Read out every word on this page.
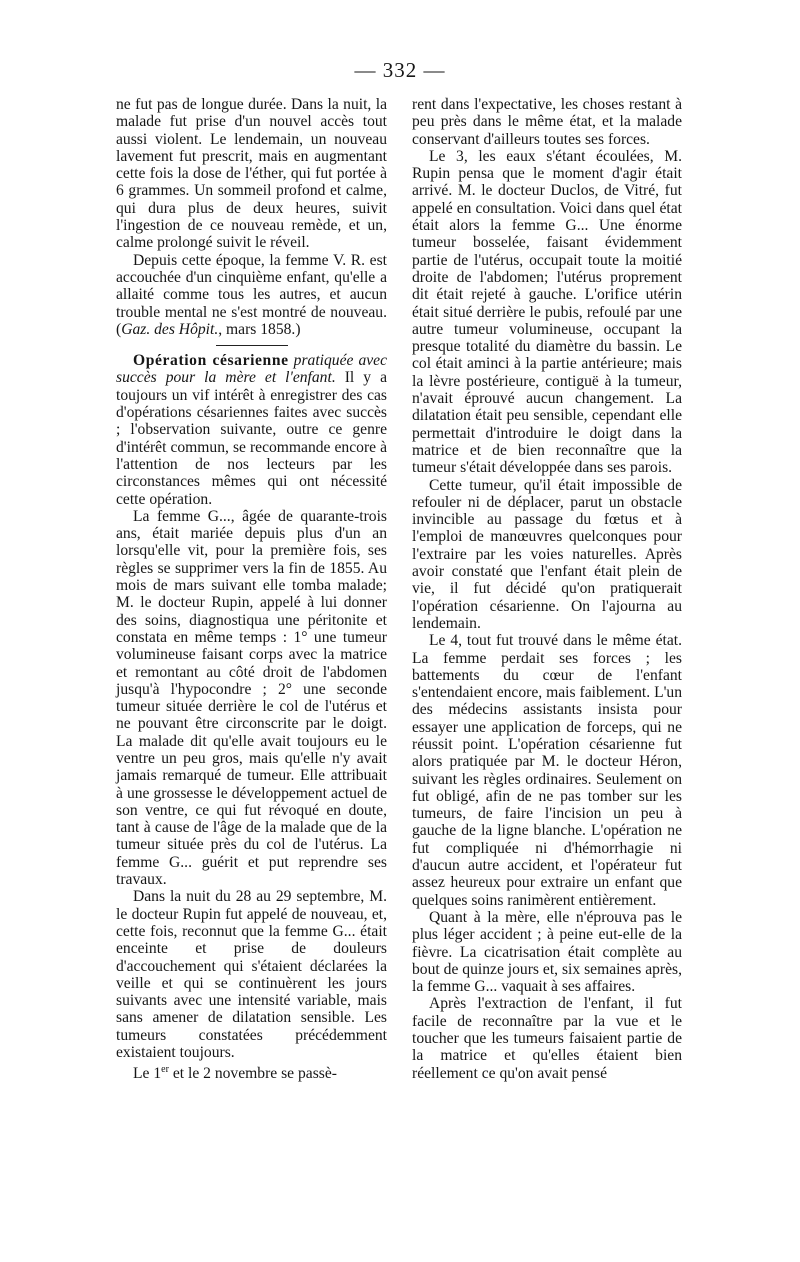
— 332 —

ne fut pas de longue durée. Dans la nuit, la malade fut prise d'un nouvel accès tout aussi violent. Le lendemain, un nouveau lavement fut prescrit, mais en augmentant cette fois la dose de l'éther, qui fut portée à 6 grammes. Un sommeil profond et calme, qui dura plus de deux heures, suivit l'ingestion de ce nouveau remède, et un, calme prolongé suivit le réveil.

Depuis cette époque, la femme V. R. est accouchée d'un cinquième enfant, qu'elle a allaité comme tous les autres, et aucun trouble mental ne s'est montré de nouveau. (Gaz. des Hôpit., mars 1858.)

Opération césarienne pratiquée avec succès pour la mère et l'enfant. Il y a toujours un vif intérêt à enregistrer des cas d'opérations césariennes faites avec succès ; l'observation suivante, outre ce genre d'intérêt commun, se recommande encore à l'attention de nos lecteurs par les circonstances mêmes qui ont nécessité cette opération.

La femme G..., âgée de quarante-trois ans, était mariée depuis plus d'un an lorsqu'elle vit, pour la première fois, ses règles se supprimer vers la fin de 1855. Au mois de mars suivant elle tomba malade; M. le docteur Rupin, appelé à lui donner des soins, diagnostiqua une péritonite et constata en même temps : 1° une tumeur volumineuse faisant corps avec la matrice et remontant au côté droit de l'abdomen jusqu'à l'hypocondre ; 2° une seconde tumeur située derrière le col de l'utérus et ne pouvant être circonscrite par le doigt. La malade dit qu'elle avait toujours eu le ventre un peu gros, mais qu'elle n'y avait jamais remarqué de tumeur. Elle attribuait à une grossesse le développement actuel de son ventre, ce qui fut révoqué en doute, tant à cause de l'âge de la malade que de la tumeur située près du col de l'utérus. La femme G... guérit et put reprendre ses travaux.

Dans la nuit du 28 au 29 septembre, M. le docteur Rupin fut appelé de nouveau, et, cette fois, reconnut que la femme G... était enceinte et prise de douleurs d'accouchement qui s'étaient déclarées la veille et qui se continuèrent les jours suivants avec une intensité variable, mais sans amener de dilatation sensible. Les tumeurs constatées précédemment existaient toujours.

Le 1er et le 2 novembre se passè-

rent dans l'expectative, les choses restant à peu près dans le même état, et la malade conservant d'ailleurs toutes ses forces.

Le 3, les eaux s'étant écoulées, M. Rupin pensa que le moment d'agir était arrivé. M. le docteur Duclos, de Vitré, fut appelé en consultation. Voici dans quel état était alors la femme G... Une énorme tumeur bosselée, faisant évidemment partie de l'utérus, occupait toute la moitié droite de l'abdomen; l'utérus proprement dit était rejeté à gauche. L'orifice utérin était situé derrière le pubis, refoulé par une autre tumeur volumineuse, occupant la presque totalité du diamètre du bassin. Le col était aminci à la partie antérieure; mais la lèvre postérieure, contiguë à la tumeur, n'avait éprouvé aucun changement. La dilatation était peu sensible, cependant elle permettait d'introduire le doigt dans la matrice et de bien reconnaître que la tumeur s'était développée dans ses parois.

Cette tumeur, qu'il était impossible de refouler ni de déplacer, parut un obstacle invincible au passage du fœtus et à l'emploi de manœuvres quelconques pour l'extraire par les voies naturelles. Après avoir constaté que l'enfant était plein de vie, il fut décidé qu'on pratiquerait l'opération césarienne. On l'ajourna au lendemain.

Le 4, tout fut trouvé dans le même état. La femme perdait ses forces ; les battements du cœur de l'enfant s'entendaient encore, mais faiblement. L'un des médecins assistants insista pour essayer une application de forceps, qui ne réussit point. L'opération césarienne fut alors pratiquée par M. le docteur Héron, suivant les règles ordinaires. Seulement on fut obligé, afin de ne pas tomber sur les tumeurs, de faire l'incision un peu à gauche de la ligne blanche. L'opération ne fut compliquée ni d'hémorrhagie ni d'aucun autre accident, et l'opérateur fut assez heureux pour extraire un enfant que quelques soins ranimèrent entièrement.

Quant à la mère, elle n'éprouva pas le plus léger accident ; à peine eut-elle de la fièvre. La cicatrisation était complète au bout de quinze jours et, six semaines après, la femme G... vaquait à ses affaires.

Après l'extraction de l'enfant, il fut facile de reconnaître par la vue et le toucher que les tumeurs faisaient partie de la matrice et qu'elles étaient bien réellement ce qu'on avait pensé
